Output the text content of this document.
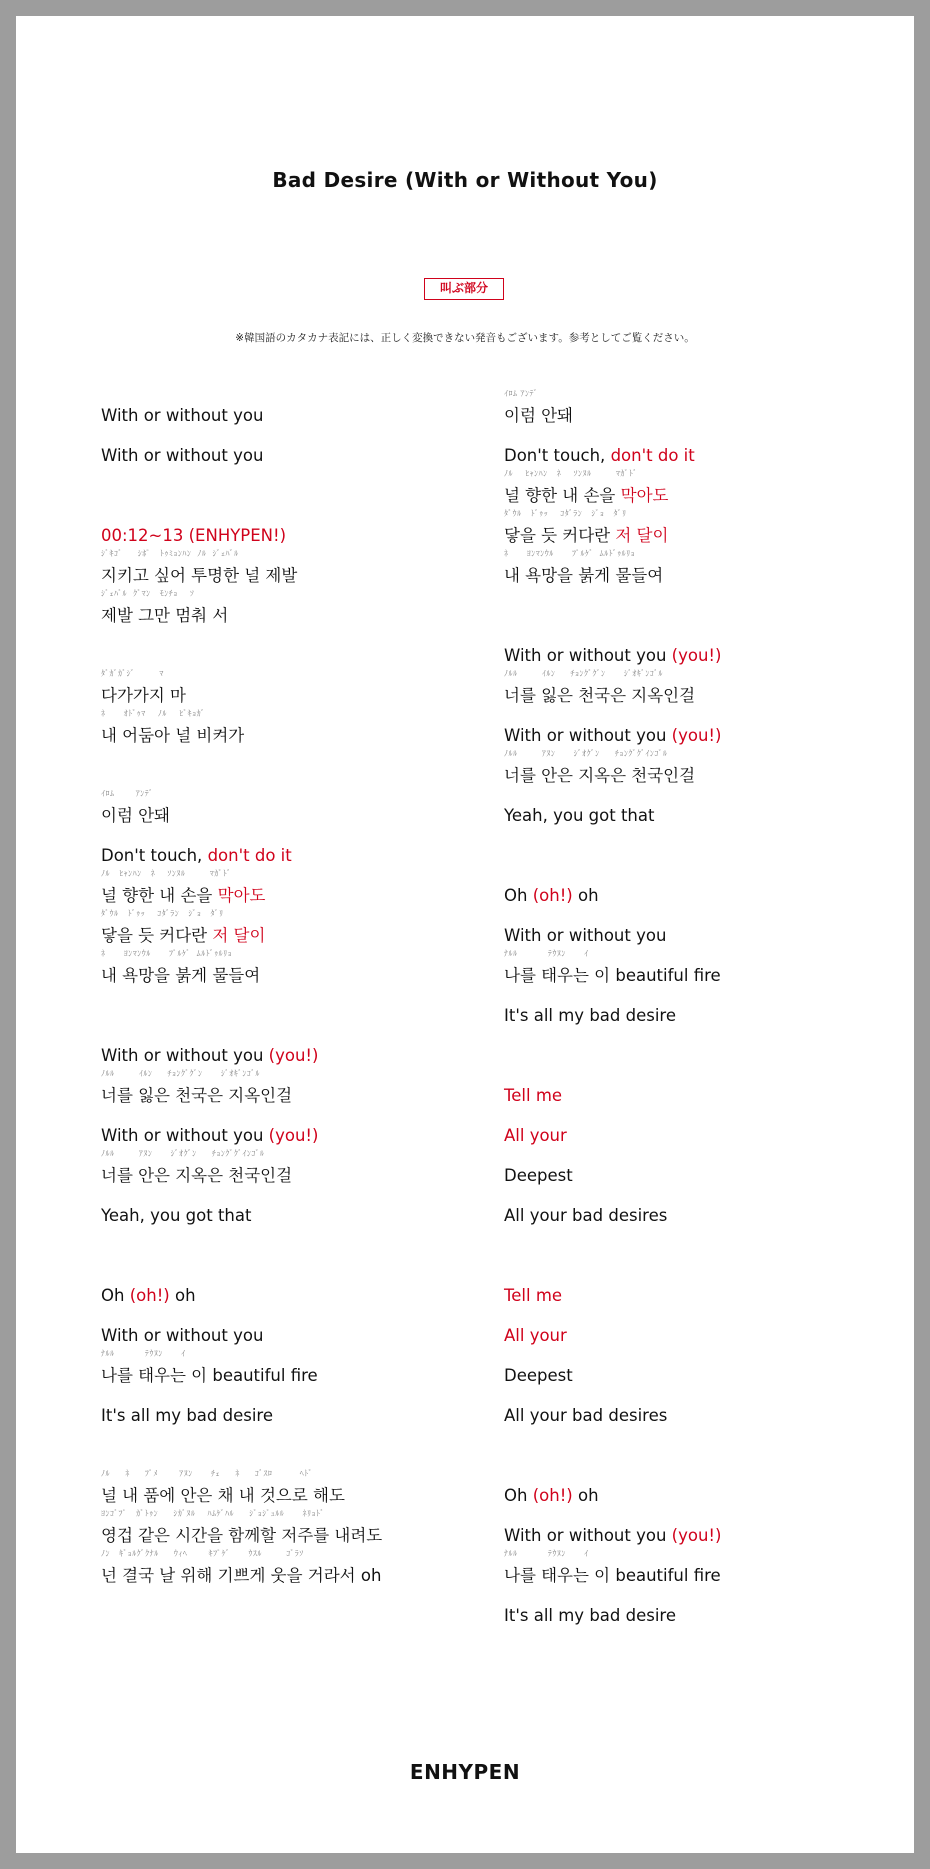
Bad Desire (With or Without You)
叫ぶ部分
※韓国語のカタカナ表記には、正しく変換できない発音もございます。参考としてご覧ください。
With or without you
With or without you
00:12~13 (ENHYPEN!)
ｼﾞｷｺﾞ     ｼﾎﾟ   ﾄｩﾐｮﾝﾊﾝ  ﾉﾙ  ｼﾞｪﾊﾞﾙ
지키고 싶어 투명한 널 제발
ｼﾞｪﾊﾞﾙ  ｸﾞﾏﾝ   ﾓﾝﾁｮ    ｿ
제발 그만 멈춰 서
ﾀﾞｶﾞｶﾞｼﾞ        ﾏ
다가가지 마
ﾈ      ｵﾄﾞｩﾏ    ﾉﾙ    ﾋﾞｷｮｶﾞ
내 어둠아 널 비켜가
ｲﾛﾑ       ｱﾝﾃﾞ
이럼 안돼
Don't touch, don't do it
ﾉﾙ   ﾋｬﾝﾊﾝ   ﾈ    ｿﾝﾇﾙ        ﾏｶﾞﾄﾞ
널 향한 내 손을 막아도
ﾀﾞｳﾙ   ﾄﾞｩｯ    ｺﾀﾞﾗﾝ   ｼﾞｮ   ﾀﾞﾘ
닿을 듯 커다란 저 달이
ﾈ      ﾖﾝﾏﾝｳﾙ      ﾌﾟﾙｹﾞ  ﾑﾙﾄﾞｩﾙﾘｮ
내 욕망을 붉게 물들여
With or without you (you!)
ﾉﾙﾙ        ｲﾙﾝ     ﾁｮﾝｸﾞｸﾞﾝ      ｼﾞｵｷﾞﾝｺﾞﾙ
너를 잃은 천국은 지옥인걸
With or without you (you!)
ﾉﾙﾙ        ｱﾇﾝ      ｼﾞｵｸﾞﾝ     ﾁｮﾝｸﾞｸﾞｲﾝｺﾞﾙ
너를 안은 지옥은 천국인걸
Yeah, you got that
Oh (oh!) oh
With or without you
ﾅﾙﾙ          ﾃｳﾇﾝ      ｲ
나를 태우는 이 beautiful fire
It's all my bad desire
ﾉﾙ     ﾈ     ﾌﾟﾒ       ｱﾇﾝ      ﾁｪ     ﾈ     ｺﾞｽﾛ         ﾍﾄﾞ
널 내 품에 안은 채 내 것으로 해도
ﾖﾝｺﾞﾌﾟ   ｶﾞﾄｩﾝ     ｼｶﾞﾇﾙ    ﾊﾑｹﾞﾊﾙ     ｼﾞｮｼﾞｭﾙﾙ      ﾈﾘｮﾄﾞ
영겁 같은 시간을 함께할 저주를 내려도
ﾉﾝ   ｷﾞｮﾙｸﾞｸﾅﾙ     ｳｨﾍ       ｷﾌﾟｹﾞ      ｳｽﾙ        ｺﾞﾗｿ
넌 결국 날 위해 기쁘게 웃을 거라서 oh
ｲﾛﾑ ｱﾝﾃﾞ
이럼 안돼
Don't touch, don't do it
ﾉﾙ    ﾋｬﾝﾊﾝ   ﾈ    ｿﾝﾇﾙ        ﾏｶﾞﾄﾞ
널 향한 내 손을 막아도
ﾀﾞｳﾙ   ﾄﾞｩｯ    ｺﾀﾞﾗﾝ   ｼﾞｮ   ﾀﾞﾘ
닿을 듯 커다란 저 달이
ﾈ      ﾖﾝﾏﾝｳﾙ      ﾌﾟﾙｹﾞ  ﾑﾙﾄﾞｩﾙﾘｮ
내 욕망을 붉게 물들여
With or without you (you!)
ﾉﾙﾙ        ｲﾙﾝ     ﾁｮﾝｸﾞｸﾞﾝ      ｼﾞｵｷﾞﾝｺﾞﾙ
너를 잃은 천국은 지옥인걸
With or without you (you!)
ﾉﾙﾙ        ｱﾇﾝ      ｼﾞｵｸﾞﾝ     ﾁｮﾝｸﾞｸﾞｲﾝｺﾞﾙ
너를 안은 지옥은 천국인걸
Yeah, you got that
Oh (oh!) oh
With or without you
ﾅﾙﾙ          ﾃｳﾇﾝ      ｲ
나를 태우는 이 beautiful fire
It's all my bad desire
Tell me
All your
Deepest
All your bad desires
Tell me
All your
Deepest
All your bad desires
Oh (oh!) oh
With or without you (you!)
ﾅﾙﾙ          ﾃｳﾇﾝ      ｲ
나를 태우는 이 beautiful fire
It's all my bad desire
ENHYPEN
